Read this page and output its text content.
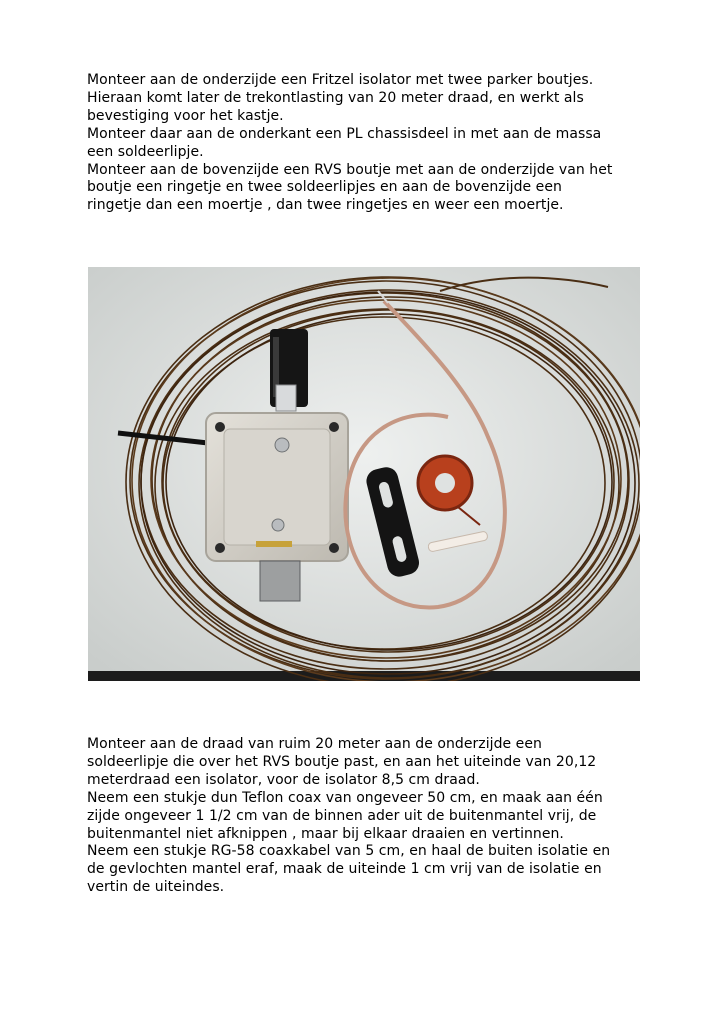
Monteer aan de onderzijde een Fritzel isolator met twee parker boutjes.
Hieraan komt later de trekontlasting van 20 meter draad, en werkt als
bevestiging voor het kastje.

Monteer daar aan de onderkant een PL chassisdeel in met aan de massa
een soldeerlipje.

Monteer aan de bovenzijde een RVS boutje met aan de onderzijde van het
boutje een ringetje en twee soldeerlipjes en aan de bovenzijde een
ringetje dan een moertje , dan twee ringetjes en weer een moertje.

Monteer aan de draad van ruim 20 meter aan de onderzijde een
soldeerlipje die over het RVS boutje past, en aan het uiteinde van 20,12
meterdraad een isolator, voor de isolator 8,5 cm draad.

Neem een stukje dun Teflon coax van ongeveer 50 cm, en maak aan één
zijde ongeveer 1 1/2 cm van de binnen ader uit de buitenmantel vrij, de
buitenmantel niet afknippen , maar bij elkaar draaien en vertinnen.

Neem een stukje RG-58 coaxkabel van 5 cm, en haal de buiten isolatie en
de gevlochten mantel eraf, maak de uiteinde 1 cm vrij van de isolatie en
vertin de uiteindes.
